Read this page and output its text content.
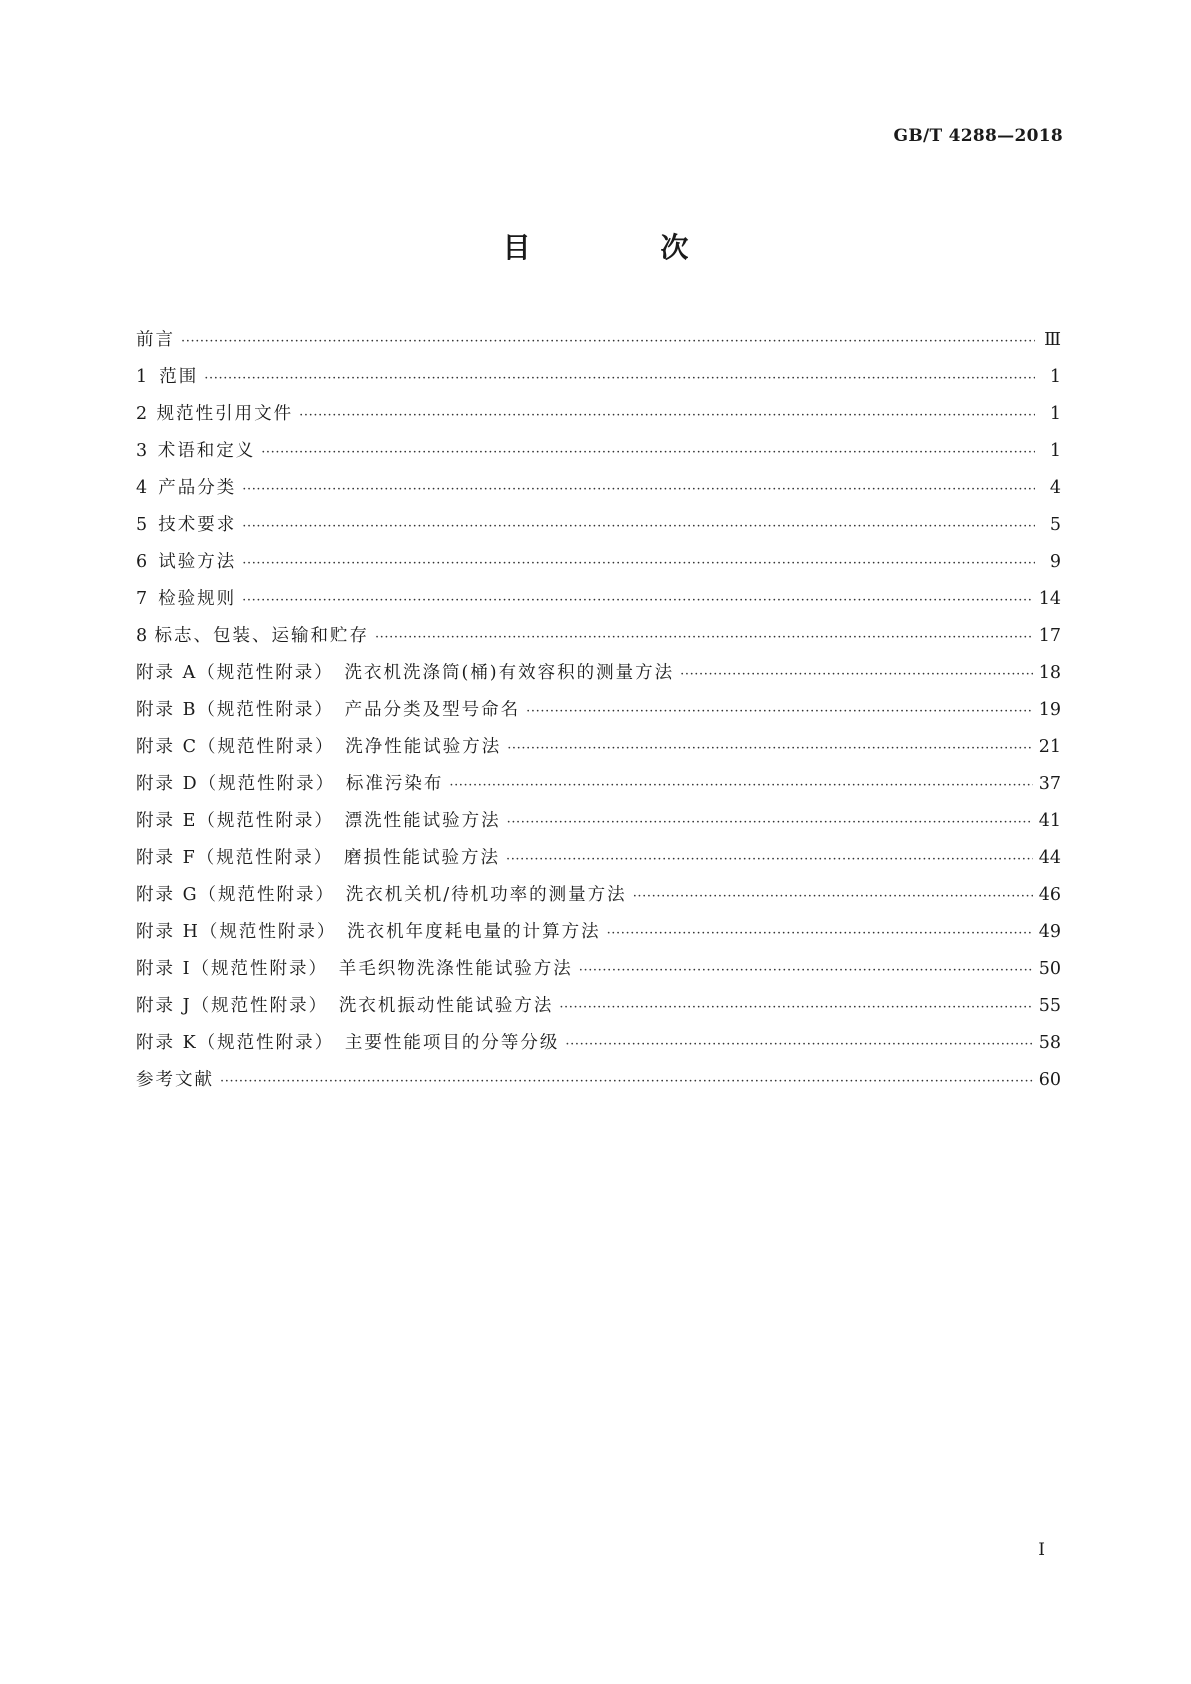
GB/T 4288—2018
目 次
前言 ·····	Ⅲ
1 范围 ·····	1
2 规范性引用文件 ·····	1
3 术语和定义 ·····	1
4 产品分类 ·····	4
5 技术要求 ·····	5
6 试验方法 ·····	9
7 检验规则 ·····	14
8 标志、包装、运输和贮存 ·····	17
附录 A（规范性附录）　洗衣机洗涤筒(桶)有效容积的测量方法 ·····	18
附录 B（规范性附录）　产品分类及型号命名 ·····	19
附录 C（规范性附录）　洗净性能试验方法 ·····	21
附录 D（规范性附录）　标准污染布 ·····	37
附录 E（规范性附录）　漂洗性能试验方法 ·····	41
附录 F（规范性附录）　磨损性能试验方法 ·····	44
附录 G（规范性附录）　洗衣机关机/待机功率的测量方法 ·····	46
附录 H（规范性附录）　洗衣机年度耗电量的计算方法 ·····	49
附录 I（规范性附录）　羊毛织物洗涤性能试验方法 ·····	50
附录 J（规范性附录）　洗衣机振动性能试验方法 ·····	55
附录 K（规范性附录）　主要性能项目的分等分级 ·····	58
参考文献 ·····	60
Ⅰ
